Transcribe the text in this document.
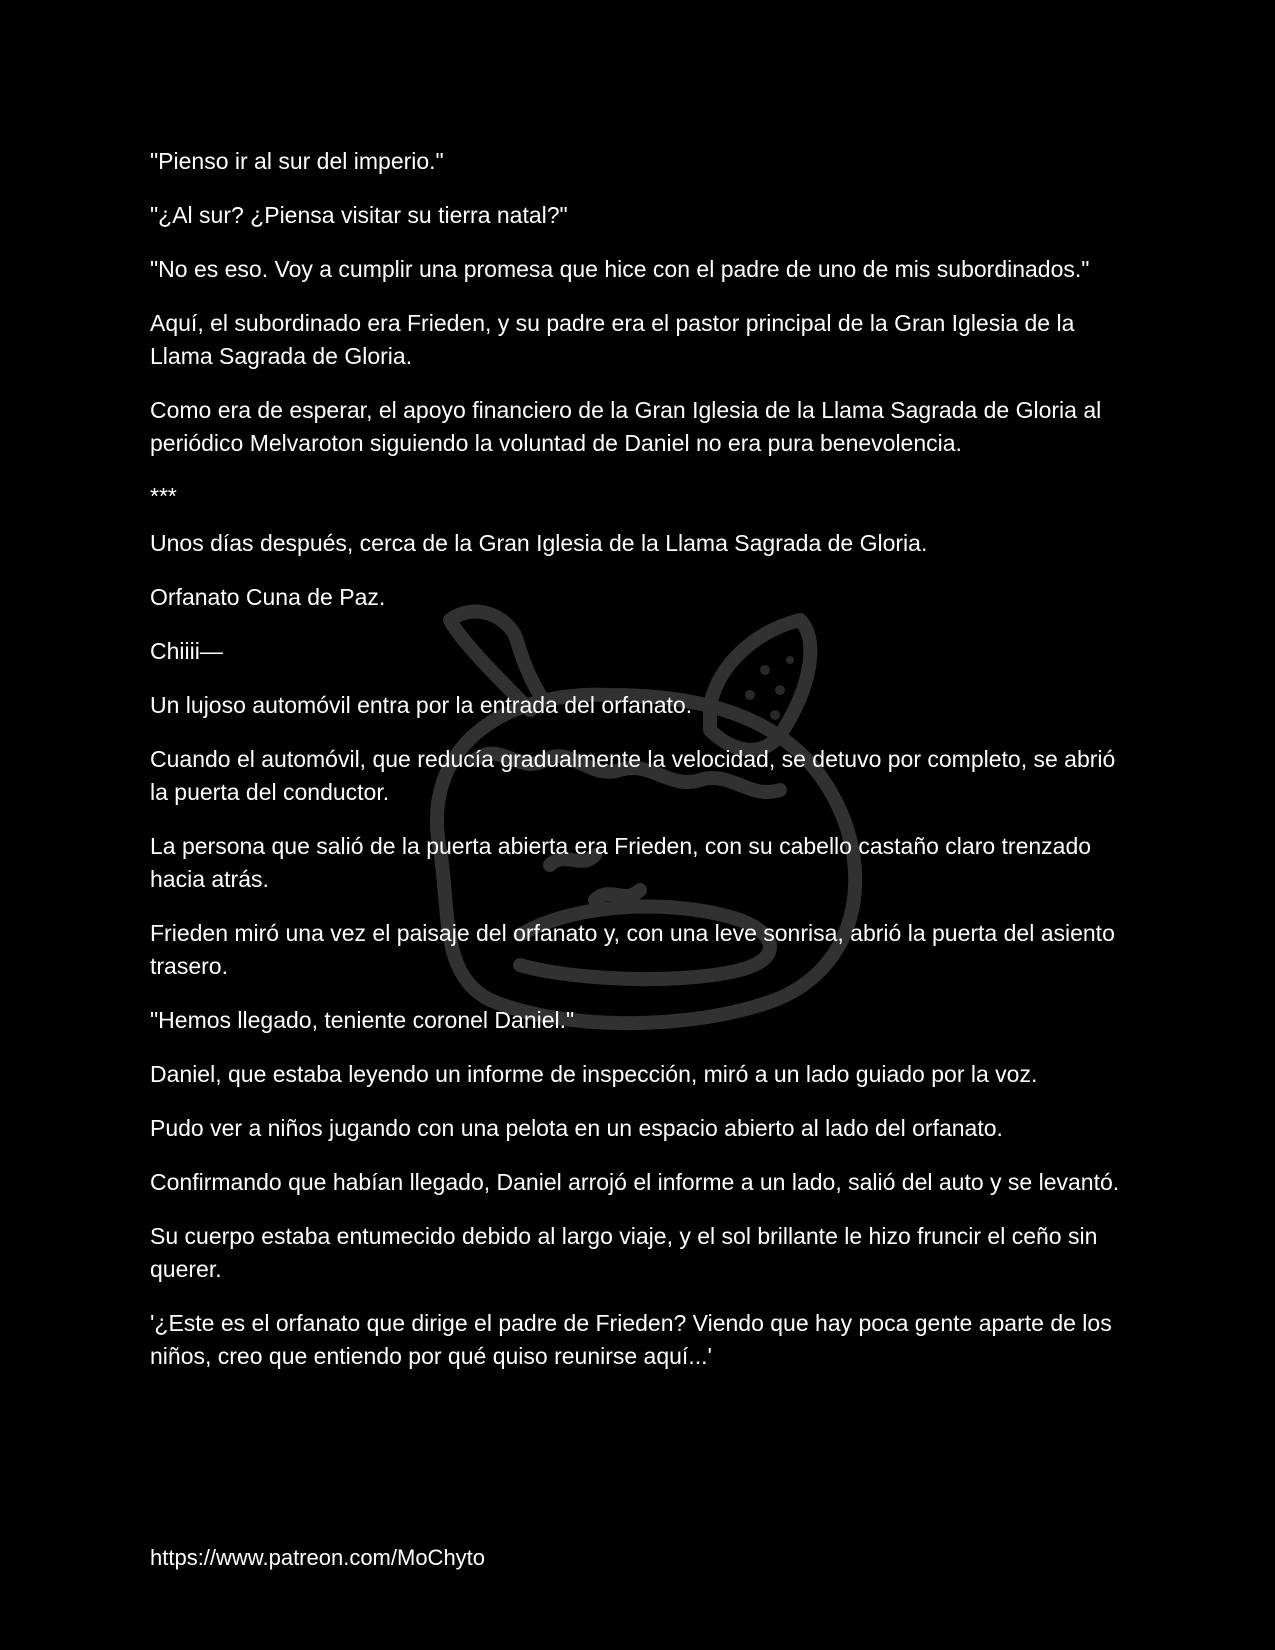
"Pienso ir al sur del imperio."

"¿Al sur? ¿Piensa visitar su tierra natal?"

"No es eso. Voy a cumplir una promesa que hice con el padre de uno de mis subordinados."

Aquí, el subordinado era Frieden, y su padre era el pastor principal de la Gran Iglesia de la Llama Sagrada de Gloria.

Como era de esperar, el apoyo financiero de la Gran Iglesia de la Llama Sagrada de Gloria al periódico Melvaroton siguiendo la voluntad de Daniel no era pura benevolencia.

***

Unos días después, cerca de la Gran Iglesia de la Llama Sagrada de Gloria.

Orfanato Cuna de Paz.

Chiiii—

Un lujoso automóvil entra por la entrada del orfanato.

Cuando el automóvil, que reducía gradualmente la velocidad, se detuvo por completo, se abrió la puerta del conductor.

La persona que salió de la puerta abierta era Frieden, con su cabello castaño claro trenzado hacia atrás.

Frieden miró una vez el paisaje del orfanato y, con una leve sonrisa, abrió la puerta del asiento trasero.

"Hemos llegado, teniente coronel Daniel."

Daniel, que estaba leyendo un informe de inspección, miró a un lado guiado por la voz.

Pudo ver a niños jugando con una pelota en un espacio abierto al lado del orfanato.

Confirmando que habían llegado, Daniel arrojó el informe a un lado, salió del auto y se levantó.

Su cuerpo estaba entumecido debido al largo viaje, y el sol brillante le hizo fruncir el ceño sin querer.

'¿Este es el orfanato que dirige el padre de Frieden? Viendo que hay poca gente aparte de los niños, creo que entiendo por qué quiso reunirse aquí...'

https://www.patreon.com/MoChyto
